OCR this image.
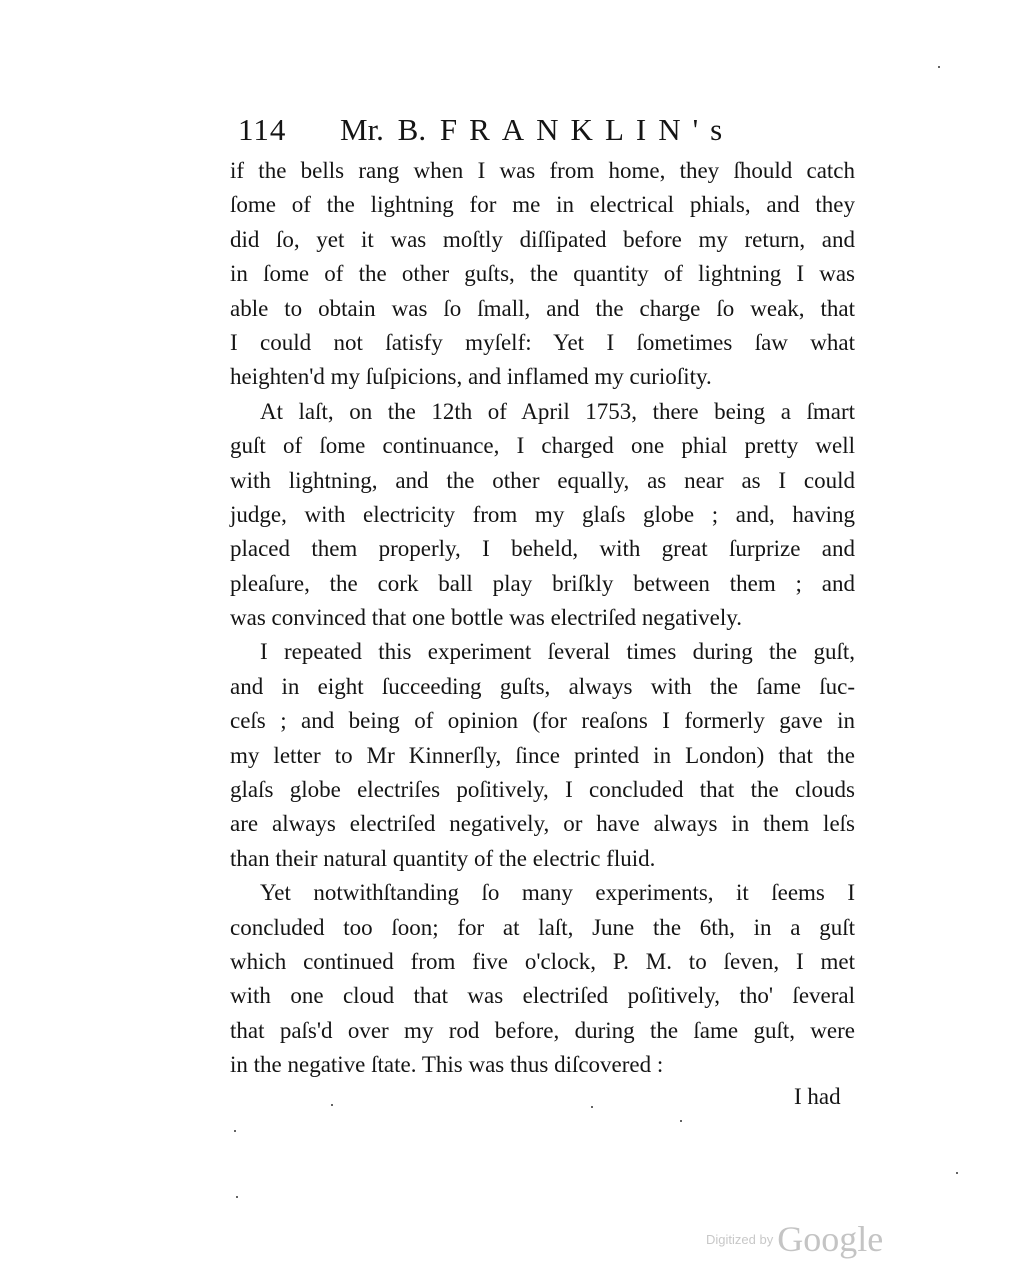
114 Mr. B. FRANKLIN's
if the bells rang when I was from home, they ſhould catch
ſome of the lightning for me in electrical phials, and they
did ſo, yet it was moſtly diſſipated before my return, and
in ſome of the other guſts, the quantity of lightning I was
able to obtain was ſo ſmall, and the charge ſo weak, that
I could not ſatisfy myſelf: Yet I ſometimes ſaw what
heighten'd my ſuſpicions, and inflamed my curioſity.
At laſt, on the 12th of April 1753, there being a ſmart
guſt of ſome continuance, I charged one phial pretty well
with lightning, and the other equally, as near as I could
judge, with electricity from my glaſs globe ; and, having
placed them properly, I beheld, with great ſurprize and
pleaſure, the cork ball play briſkly between them ; and
was convinced that one bottle was electriſed negatively.
I repeated this experiment ſeveral times during the guſt,
and in eight ſucceeding guſts, always with the ſame ſuc-
ceſs ; and being of opinion (for reaſons I formerly gave in
my letter to Mr Kinnerſly, ſince printed in London) that the
glaſs globe electriſes poſitively, I concluded that the clouds
are always electriſed negatively, or have always in them leſs
than their natural quantity of the electric fluid.
Yet notwithſtanding ſo many experiments, it ſeems I
concluded too ſoon; for at laſt, June the 6th, in a guſt
which continued from five o'clock, P. M. to ſeven, I met
with one cloud that was electriſed poſitively, tho' ſeveral
that paſs'd over my rod before, during the ſame guſt, were
in the negative ſtate. This was thus diſcovered :
I had
Digitized by Google
